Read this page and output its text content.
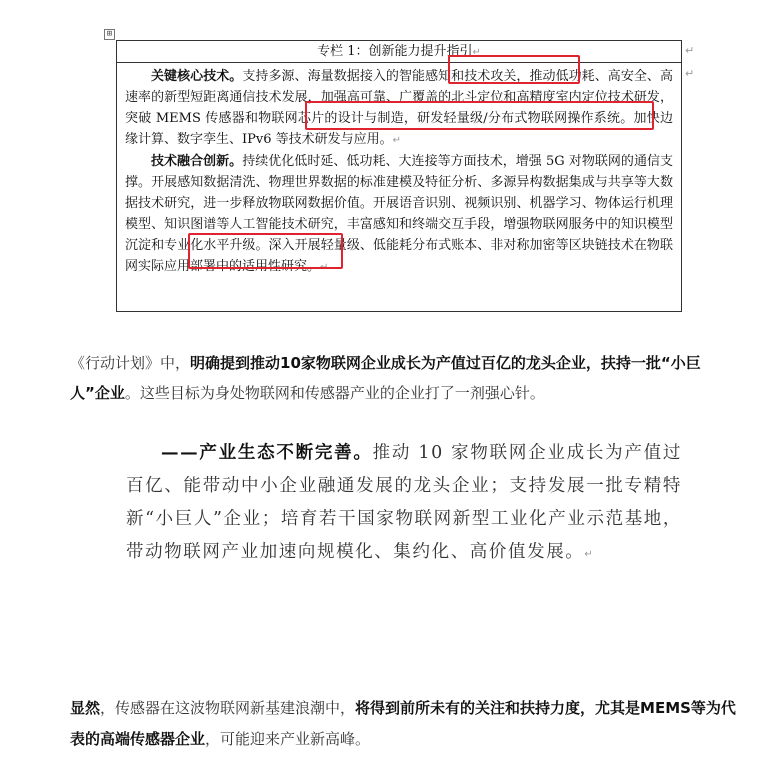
⊞
专栏 1：创新能力提升指引↵

关键核心技术。支持多源、海量数据接入的智能感知和技术攻关，推动低功耗、高安全、高速率的新型短距离通信技术发展，加强高可靠、广覆盖的北斗定位和高精度室内定位技术研发，突破 MEMS 传感器和物联网芯片的设计与制造，研发轻量级/分布式物联网操作系统。加快边缘计算、数字孪生、IPv6 等技术研发与应用。↵

技术融合创新。持续优化低时延、低功耗、大连接等方面技术，增强 5G 对物联网的通信支撑。开展感知数据清洗、物理世界数据的标准建模及特征分析、多源异构数据集成与共享等大数据技术研究，进一步释放物联网数据价值。开展语音识别、视频识别、机器学习、物体运行机理模型、知识图谱等人工智能技术研究，丰富感知和终端交互手段，增强物联网服务中的知识模型沉淀和专业化水平升级。深入开展轻量级、低能耗分布式账本、非对称加密等区块链技术在物联网实际应用部署中的适用性研究。↵

↵
↵
《行动计划》中，明确提到推动10家物联网企业成长为产值过百亿的龙头企业，扶持一批“小巨人”企业。这些目标为身处物联网和传感器产业的企业打了一剂强心针。

——产业生态不断完善。推动 10 家物联网企业成长为产值过百亿、能带动中小企业融通发展的龙头企业；支持发展一批专精特新“小巨人”企业；培育若干国家物联网新型工业化产业示范基地，带动物联网产业加速向规模化、集约化、高价值发展。↵

显然，传感器在这波物联网新基建浪潮中，将得到前所未有的关注和扶持力度，尤其是MEMS等为代表的高端传感器企业，可能迎来产业新高峰。
